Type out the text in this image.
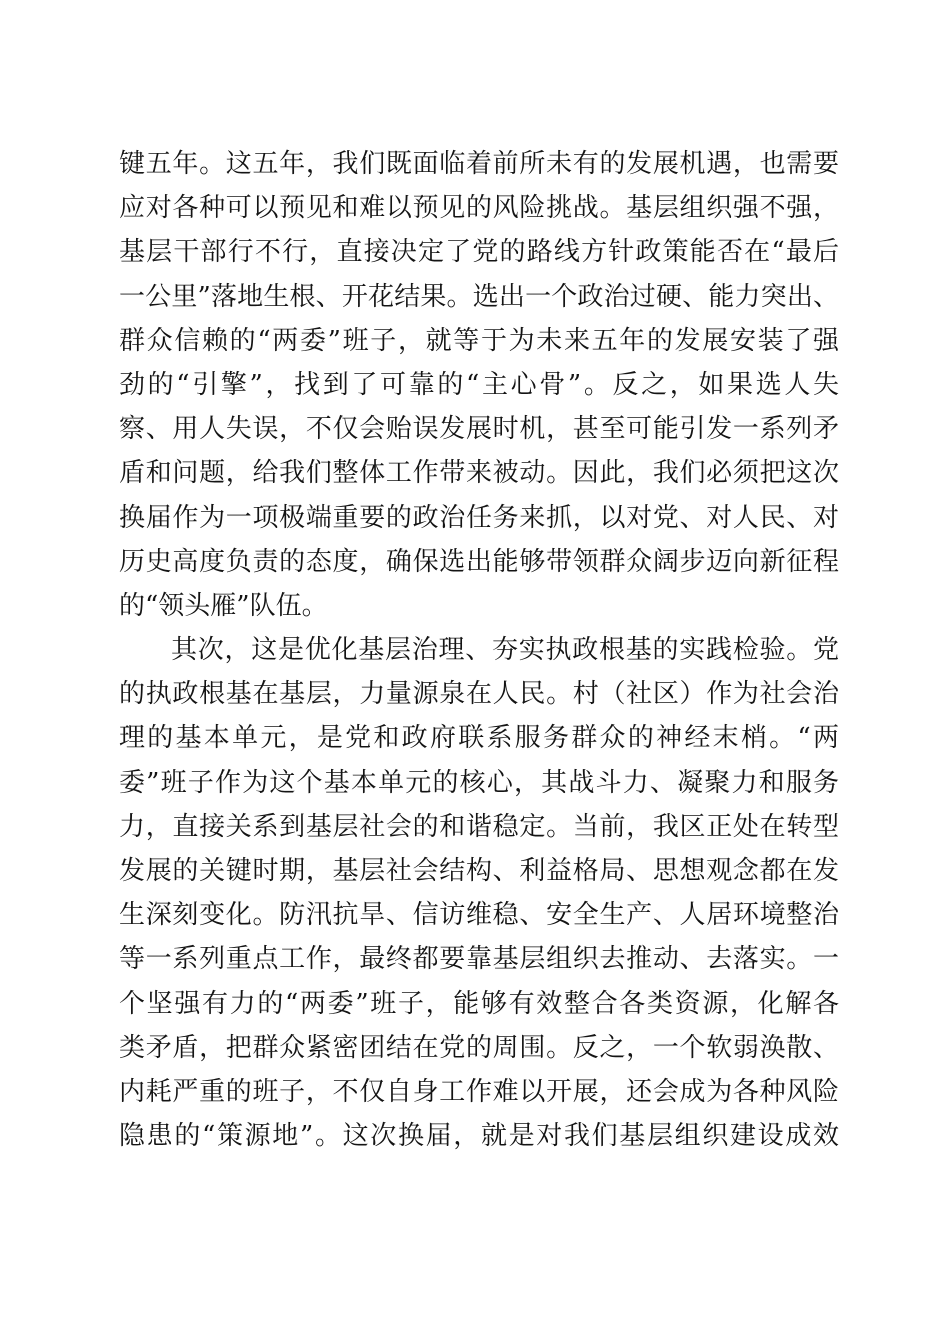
键五年。这五年，我们既面临着前所未有的发展机遇，也需要
应对各种可以预见和难以预见的风险挑战。基层组织强不强，
基层干部行不行，直接决定了党的路线方针政策能否在“最后
一公里”落地生根、开花结果。选出一个政治过硬、能力突出、
群众信赖的“两委”班子，就等于为未来五年的发展安装了强
劲的“引擎”，找到了可靠的“主心骨”。反之，如果选人失
察、用人失误，不仅会贻误发展时机，甚至可能引发一系列矛
盾和问题，给我们整体工作带来被动。因此，我们必须把这次
换届作为一项极端重要的政治任务来抓，以对党、对人民、对
历史高度负责的态度，确保选出能够带领群众阔步迈向新征程
的“领头雁”队伍。
其次，这是优化基层治理、夯实执政根基的实践检验。党
的执政根基在基层，力量源泉在人民。村（社区）作为社会治
理的基本单元，是党和政府联系服务群众的神经末梢。“两
委”班子作为这个基本单元的核心，其战斗力、凝聚力和服务
力，直接关系到基层社会的和谐稳定。当前，我区正处在转型
发展的关键时期，基层社会结构、利益格局、思想观念都在发
生深刻变化。防汛抗旱、信访维稳、安全生产、人居环境整治
等一系列重点工作，最终都要靠基层组织去推动、去落实。一
个坚强有力的“两委”班子，能够有效整合各类资源，化解各
类矛盾，把群众紧密团结在党的周围。反之，一个软弱涣散、
内耗严重的班子，不仅自身工作难以开展，还会成为各种风险
隐患的“策源地”。这次换届，就是对我们基层组织建设成效
